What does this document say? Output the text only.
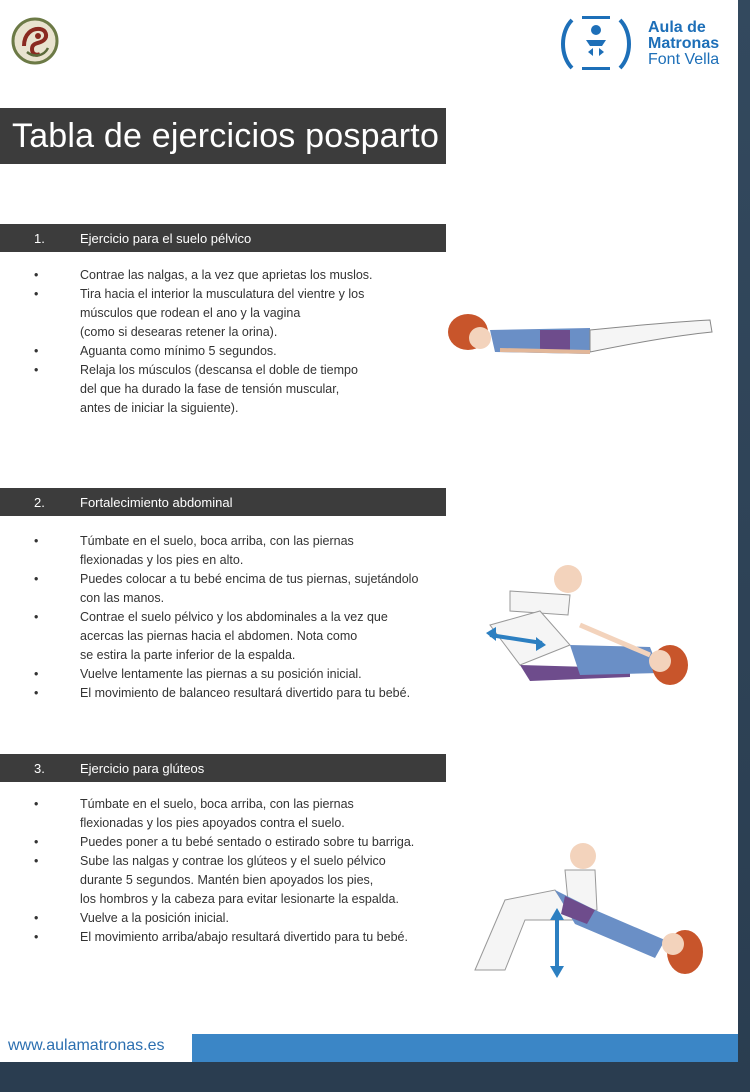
Aula de
Matronas
Font Vella
Tabla de ejercicios posparto
1.	Ejercicio para el suelo pélvico
• Contrae las nalgas, a la vez que aprietas los muslos.
• Tira hacia el interior la musculatura del vientre y los
músculos que rodean el ano y la vagina
(como si desearas retener la orina).
• Aguanta como mínimo 5 segundos.
• Relaja los músculos (descansa el doble de tiempo
del que ha durado la fase de tensión muscular,
antes de iniciar la siguiente).
2.	Fortalecimiento abdominal
• Túmbate en el suelo, boca arriba, con las piernas
flexionadas y los pies en alto.
• Puedes colocar a tu bebé encima de tus piernas, sujetándolo
con las manos.
• Contrae el suelo pélvico y los abdominales a la vez que
acercas las piernas hacia el abdomen. Nota como
se estira la parte inferior de la espalda.
• Vuelve lentamente las piernas a su posición inicial.
• El movimiento de balanceo resultará divertido para tu bebé.
3.	Ejercicio para glúteos
• Túmbate en el suelo, boca arriba, con las piernas
flexionadas y los pies apoyados contra el suelo.
• Puedes poner a tu bebé sentado o estirado sobre tu barriga.
• Sube las nalgas y contrae los glúteos y el suelo pélvico
durante 5 segundos. Mantén bien apoyados los pies,
los hombros y la cabeza para evitar lesionarte la espalda.
• Vuelve a la posición inicial.
• El movimiento arriba/abajo resultará divertido para tu bebé.
www.aulamatronas.es
